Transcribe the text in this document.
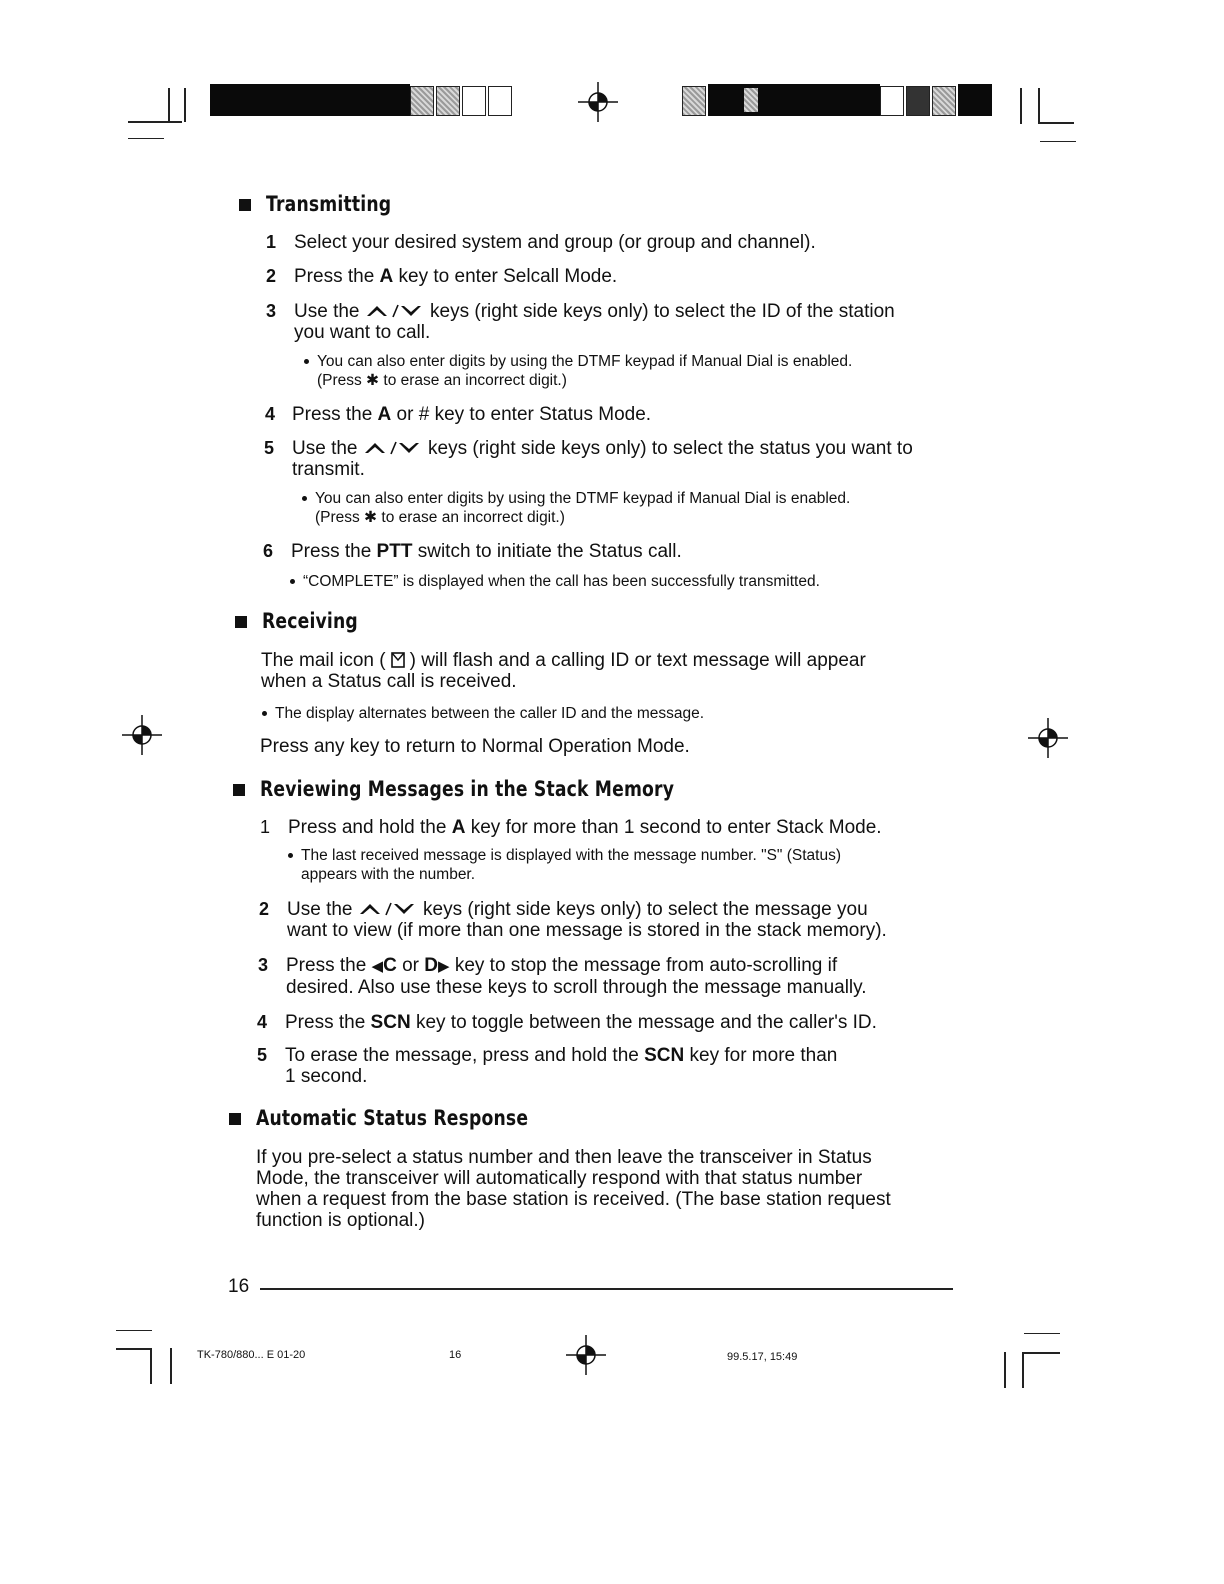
Transmitting
1 Select your desired system and group (or group and channel).
2 Press the A key to enter Selcall Mode.
3 Use the	keys (right side keys only) to select the ID of the station
you want to call.
You can also enter digits by using the DTMF keypad if Manual Dial is enabled.
(Press ✱ to erase an incorrect digit.)
4 Press the A or # key to enter Status Mode.
5 Use the	keys (right side keys only) to select the status you want to
transmit.
You can also enter digits by using the DTMF keypad if Manual Dial is enabled.
(Press ✱ to erase an incorrect digit.)
6 Press the PTT switch to initiate the Status call.
“COMPLETE” is displayed when the call has been successfully transmitted.
Receiving
The mail icon ( ) will flash and a calling ID or text message will appear
when a Status call is received.
The display alternates between the caller ID and the message.
Press any key to return to Normal Operation Mode.
Reviewing Messages in the Stack Memory
1 Press and hold the A key for more than 1 second to enter Stack Mode.
The last received message is displayed with the message number. "S" (Status)
appears with the number.
2 Use the	keys (right side keys only) to select the message you
want to view (if more than one message is stored in the stack memory).
3 Press the ◀C or D▶ key to stop the message from auto-scrolling if
desired. Also use these keys to scroll through the message manually.
4 Press the SCN key to toggle between the message and the caller's ID.
5 To erase the message, press and hold the SCN key for more than
1 second.
Automatic Status Response
If you pre-select a status number and then leave the transceiver in Status
Mode, the transceiver will automatically respond with that status number
when a request from the base station is received. (The base station request
function is optional.)
16
TK-780/880... E 01-20	16	99.5.17, 15:49
